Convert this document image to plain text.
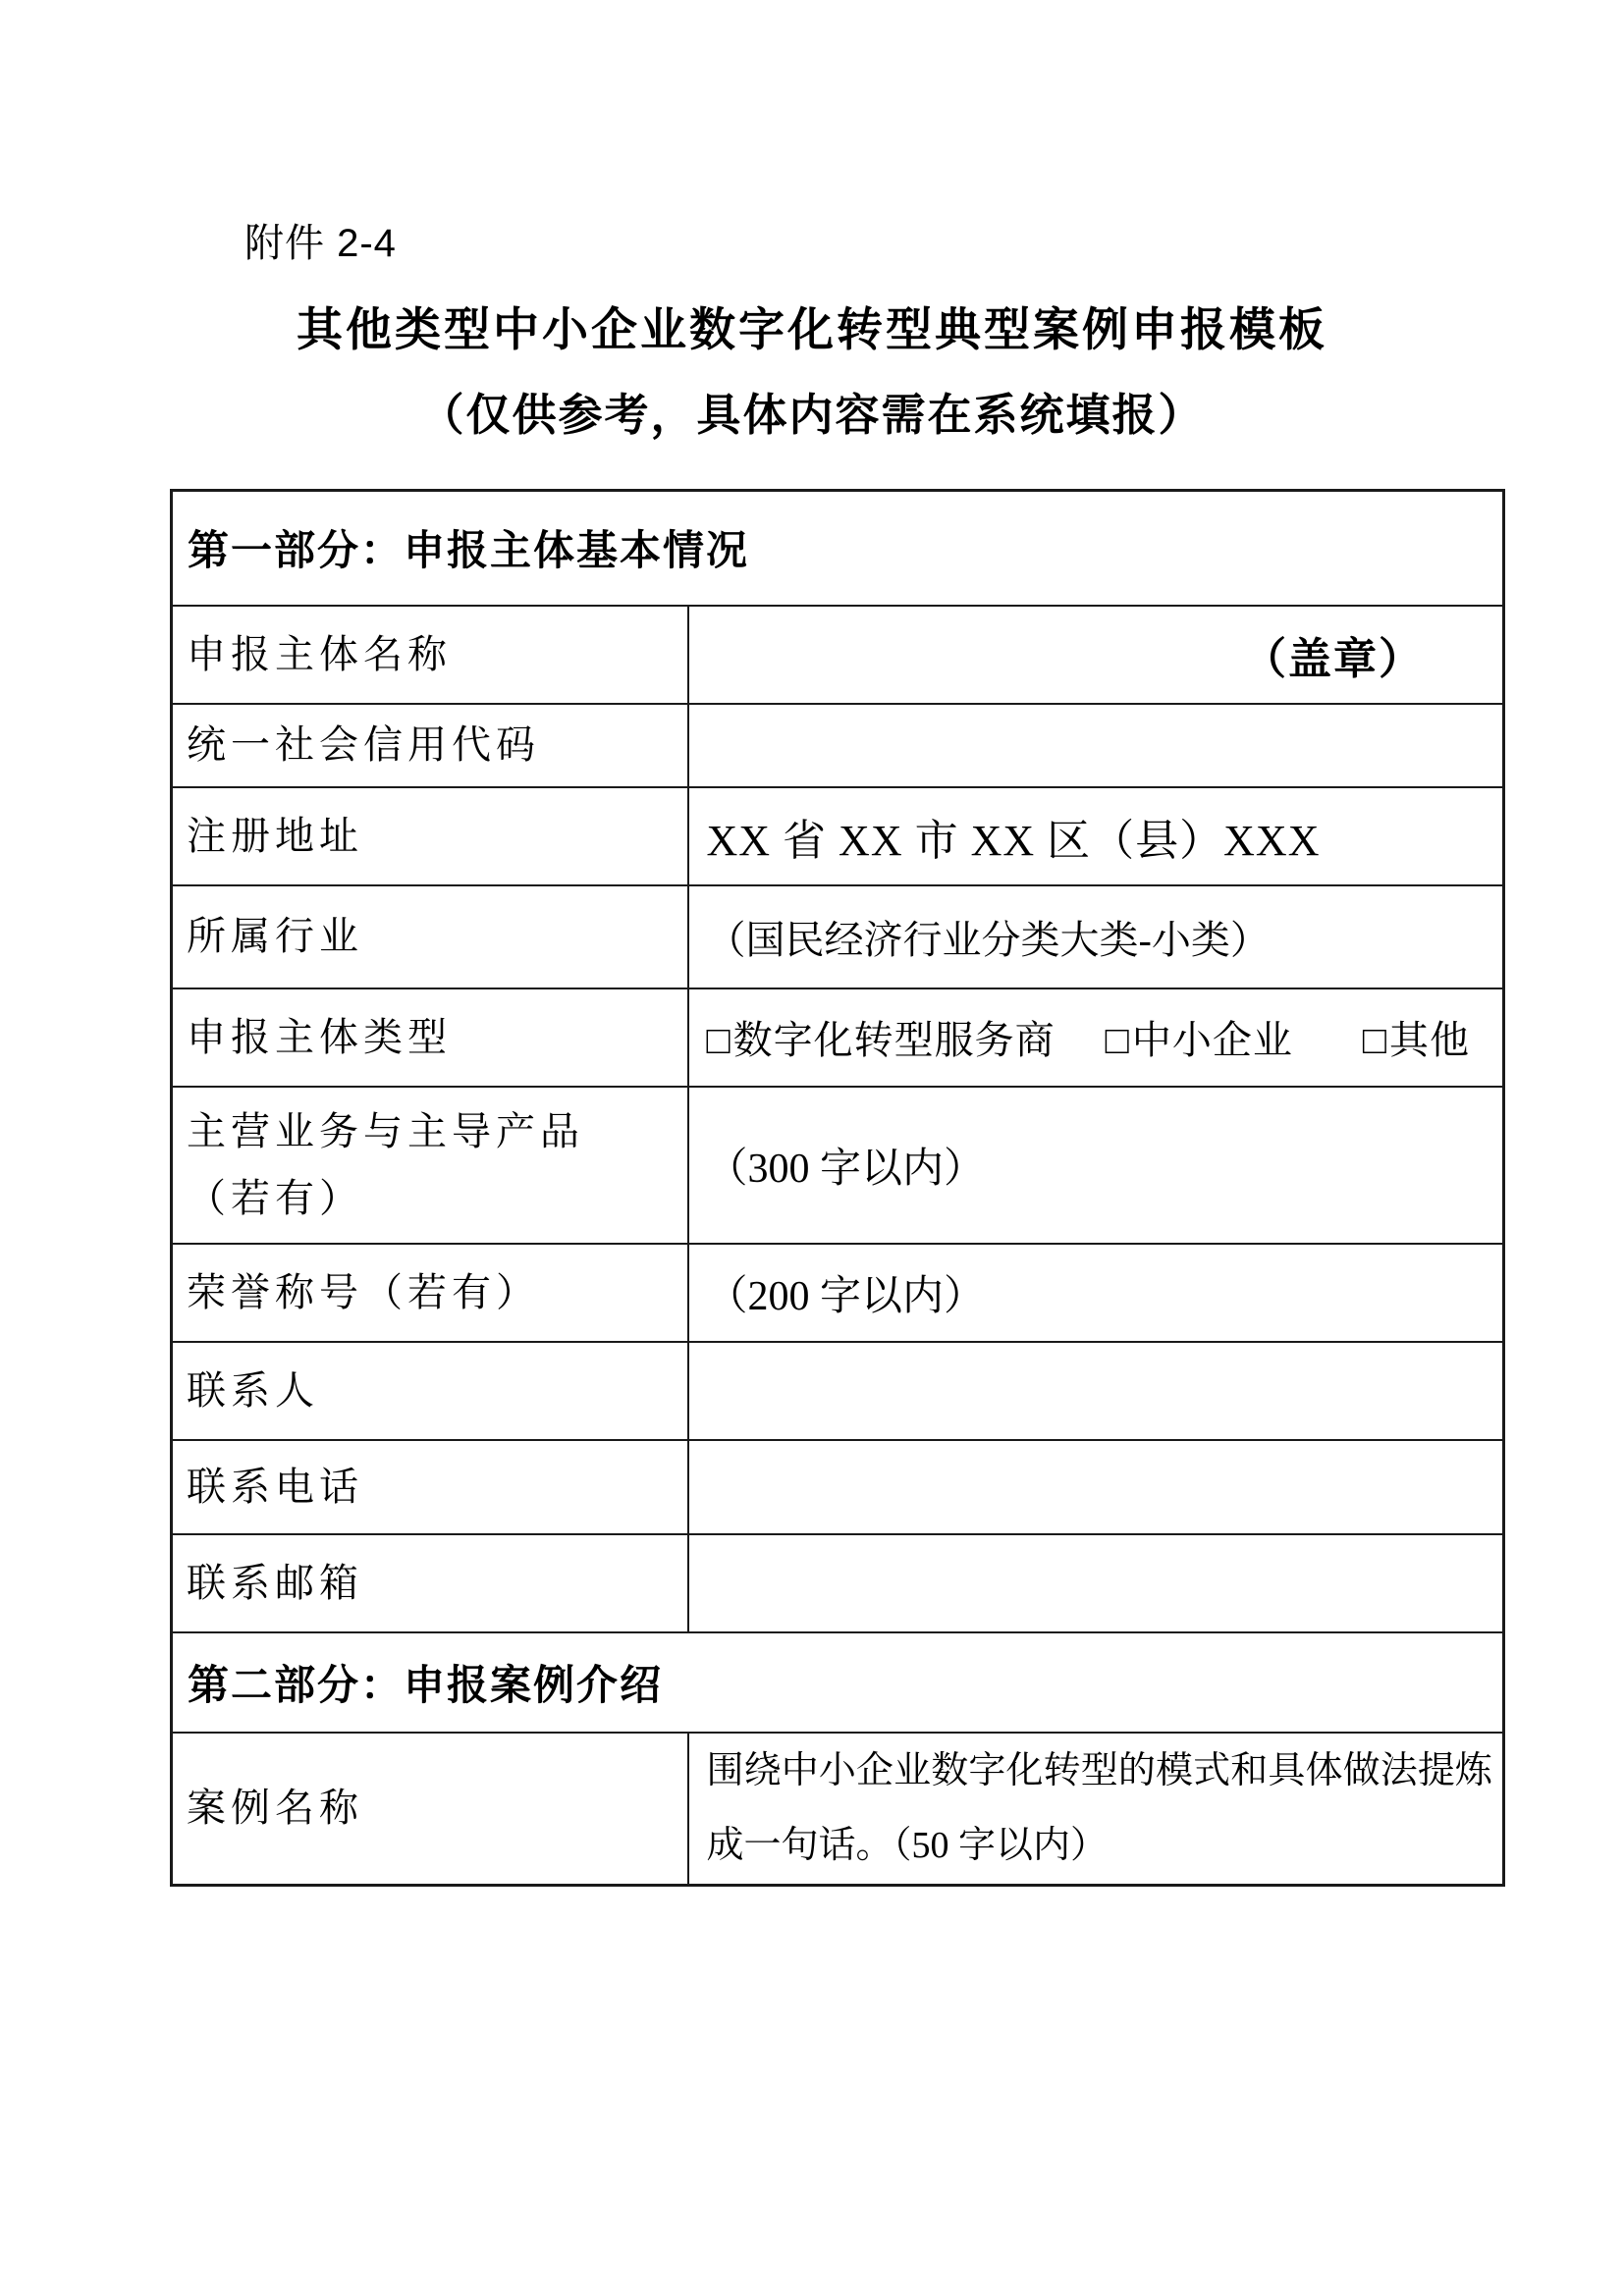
附件 2-4
其他类型中小企业数字化转型典型案例申报模板
（仅供参考，具体内容需在系统填报）
第一部分：申报主体基本情况	
申报主体名称	（盖章）
统一社会信用代码	
注册地址	XX 省 XX 市 XX 区（县）XXX
所属行业	（国民经济行业分类大类-小类）
申报主体类型	□数字化转型服务商 □中小企业 □其他
主营业务与主导产品（若有）	（300 字以内）
荣誉称号（若有）	（200 字以内）
联系人	
联系电话	
联系邮箱	
第二部分：申报案例介绍	
案例名称	围绕中小企业数字化转型的模式和具体做法提炼成一句话。（50 字以内）
